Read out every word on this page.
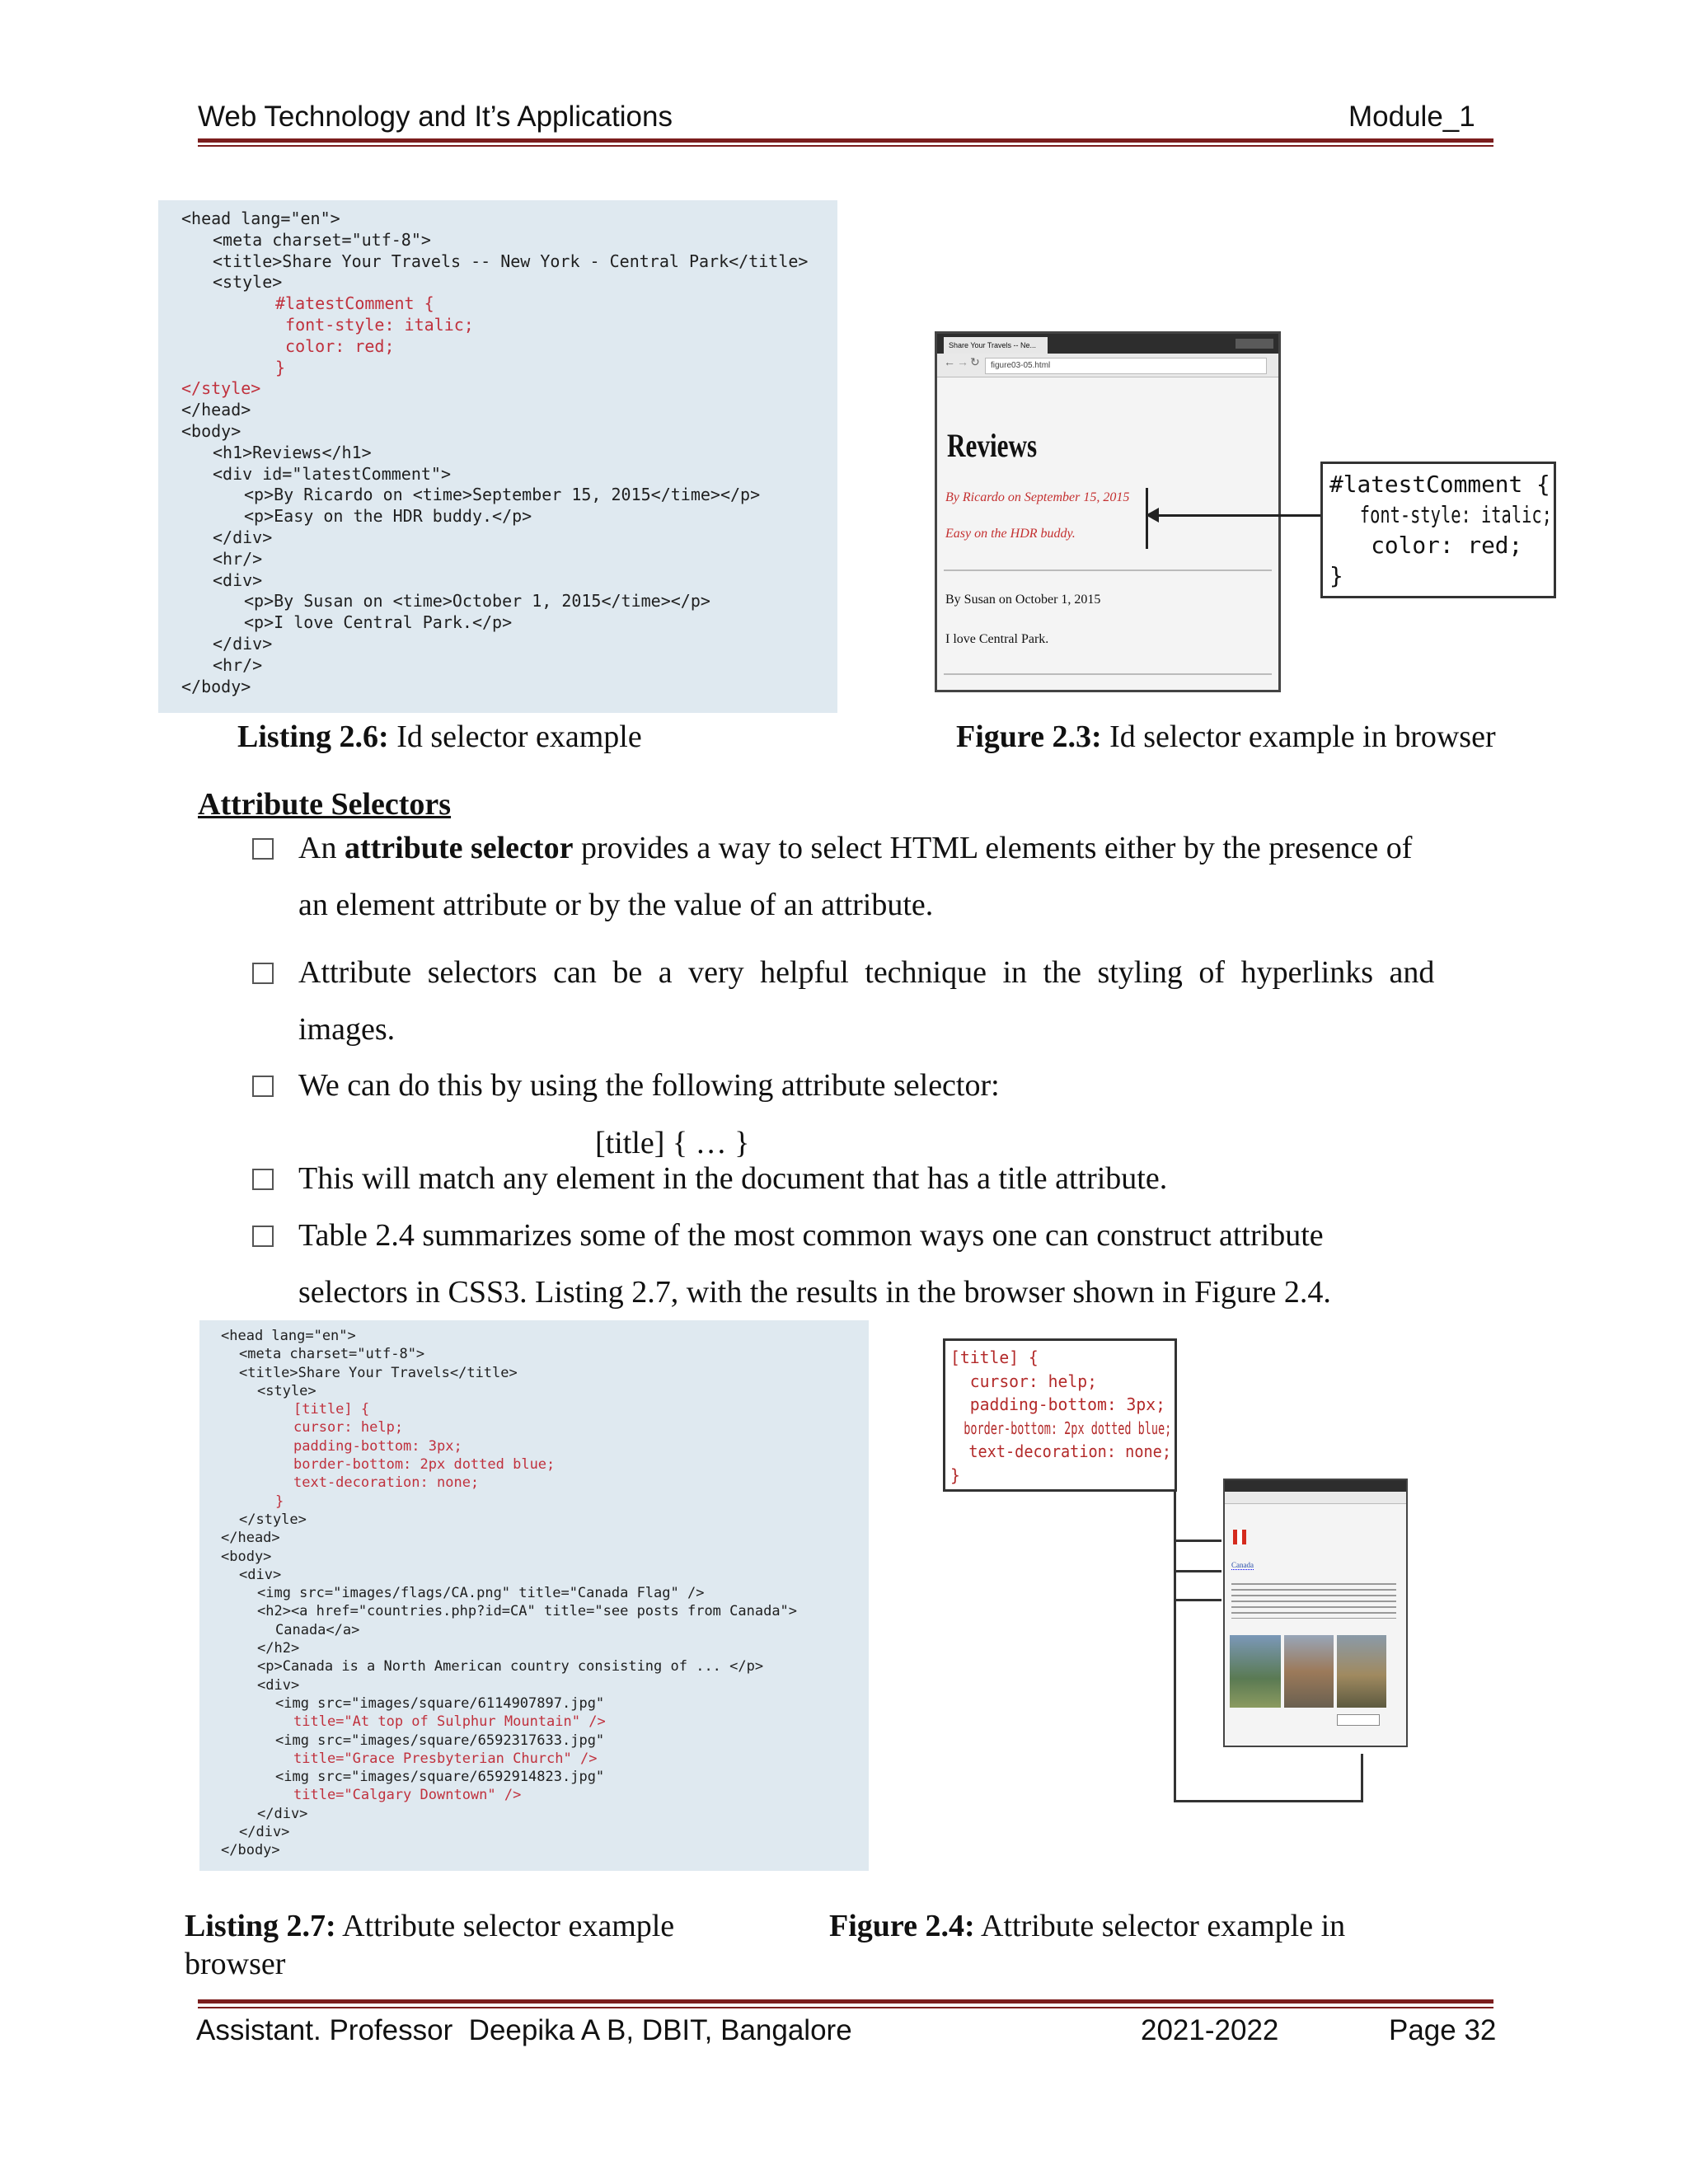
Web Technology and It’s Applications	Module_1
<head lang="en">
<meta charset="utf-8">
<title>Share Your Travels -- New York - Central Park</title>
<style>
#latestComment {
font-style: italic;
color: red;
}
</style>
</head>
<body>
<h1>Reviews</h1>
<div id="latestComment">
<p>By Ricardo on <time>September 15, 2015</time></p>
<p>Easy on the HDR buddy.</p>
</div>
<hr/>
<div>
<p>By Susan on <time>October 1, 2015</time></p>
<p>I love Central Park.</p>
</div>
<hr/>
</body>
Listing 2.6: Id selector example
Share Your Travels -- Ne...
← → ↻	figure03-05.html
Reviews
By Ricardo on September 15, 2015
Easy on the HDR buddy.
By Susan on October 1, 2015
I love Central Park.
#latestComment {
font-style: italic;
color: red;
}
Figure 2.3: Id selector example in browser
Attribute Selectors
An attribute selector provides a way to select HTML elements either by the presence of
an element attribute or by the value of an attribute.
Attribute selectors can be a very helpful technique in the styling of hyperlinks and
images.
We can do this by using the following attribute selector:
[title] { … }
This will match any element in the document that has a title attribute.
Table 2.4 summarizes some of the most common ways one can construct attribute
selectors in CSS3. Listing 2.7, with the results in the browser shown in Figure 2.4.
<head lang="en">
<meta charset="utf-8">
<title>Share Your Travels</title>
<style>
[title] {
cursor: help;
padding-bottom: 3px;
border-bottom: 2px dotted blue;
text-decoration: none;
}
</style>
</head>
<body>
<div>
<img src="images/flags/CA.png" title="Canada Flag" />
<h2><a href="countries.php?id=CA" title="see posts from Canada">
Canada</a>
</h2>
<p>Canada is a North American country consisting of ... </p>
<div>
<img src="images/square/6114907897.jpg"
title="At top of Sulphur Mountain" />
<img src="images/square/6592317633.jpg"
title="Grace Presbyterian Church" />
<img src="images/square/6592914823.jpg"
title="Calgary Downtown" />
</div>
</div>
</body>
[title] {
cursor: help;
padding-bottom: 3px;
border-bottom: 2px dotted blue;
text-decoration: none;
}
Canada
Listing 2.7: Attribute selector example
browser
Figure 2.4: Attribute selector example in
Assistant. Professor  Deepika A B, DBIT, Bangalore	2021-2022	Page 32
